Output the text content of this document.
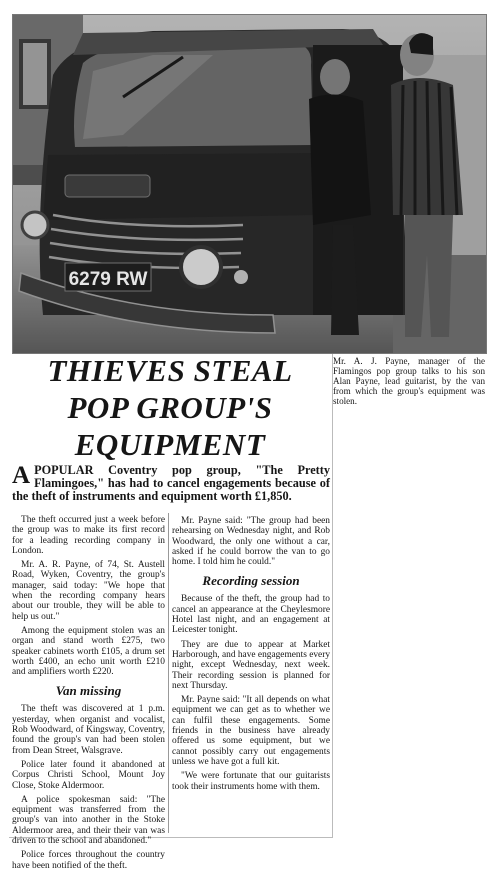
6279 RW
Mr. A. J. Payne, manager of the Flamingos pop group talks to his son Alan Payne, lead guitarist, by the van from which the group's equipment was stolen.
THIEVES STEAL
POP GROUP'S
EQUIPMENT
APOPULAR Coventry pop group, "The Pretty Flamingoes," has had to cancel engagements because of the theft of instruments and equipment worth £1,850.

The theft occurred just a week before the group was to make its first record for a leading recording company in London.

Mr. A. R. Payne, of 74, St. Austell Road, Wyken, Coventry, the group's manager, said today: "We hope that when the recording company hears about our trouble, they will be able to help us out."

Among the equipment stolen was an organ and stand worth £275, two speaker cabinets worth £105, a drum set worth £400, an echo unit worth £210 and amplifiers worth £220.

Van missing

The theft was discovered at 1 p.m. yesterday, when organist and vocalist, Rob Woodward, of Kingsway, Coventry, found the group's van had been stolen from Dean Street, Walsgrave.

Police later found it abandoned at Corpus Christi School, Mount Joy Close, Stoke Aldermoor.

A police spokesman said: "The equipment was transferred from the group's van into another in the Stoke Aldermoor area, and their their van was driven to the school and abandoned."

Police forces throughout the country have been notified of the theft.

Mr. Payne said: "The group had been rehearsing on Wednesday night, and Rob Woodward, the only one without a car, asked if he could borrow the van to go home. I told him he could."

Recording session

Because of the theft, the group had to cancel an appearance at the Cheylesmore Hotel last night, and an engagement at Leicester tonight.

They are due to appear at Market Harborough, and have engagements every night, except Wednesday, next week. Their recording session is planned for next Thursday.

Mr. Payne said: "It all depends on what equipment we can get as to whether we can fulfil these engagements. Some friends in the business have already offered us some equipment, but we cannot possibly carry out engagements unless we have got a full kit.

"We were fortunate that our guitarists took their instruments home with them.
